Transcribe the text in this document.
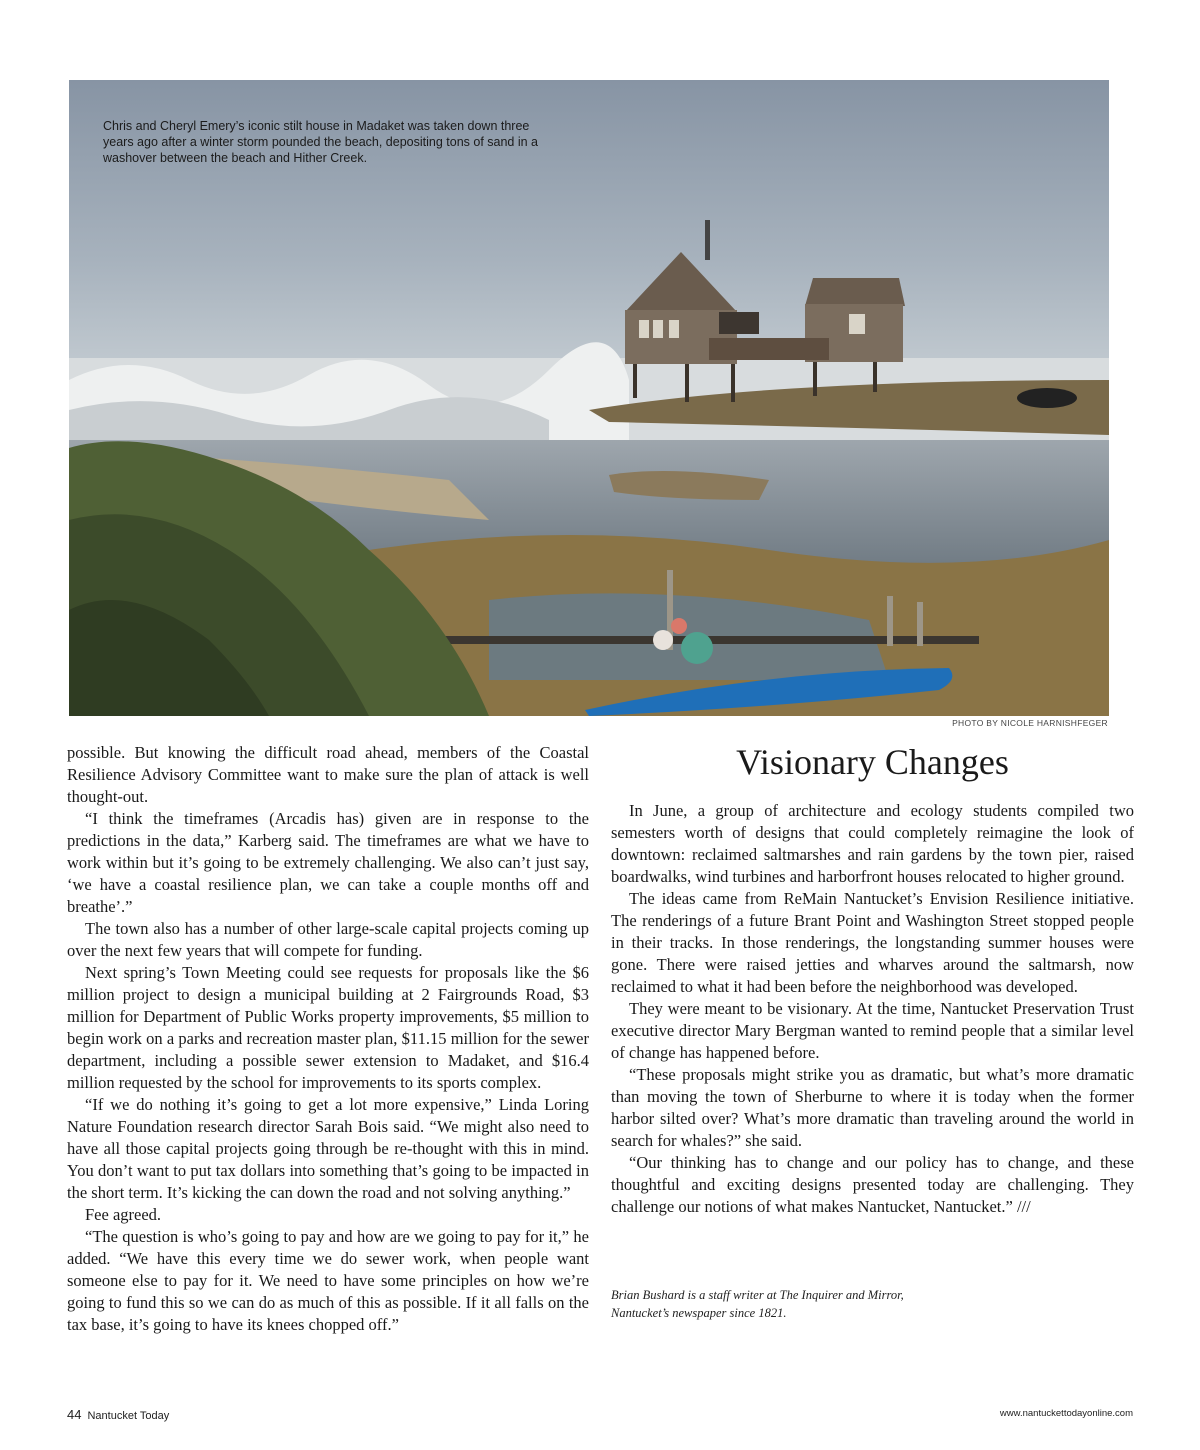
Chris and Cheryl Emery’s iconic stilt house in Madaket was taken down three years ago after a winter storm pounded the beach, depositing tons of sand in a washover between the beach and Hither Creek.
PHOTO BY NICOLE HARNISHFEGER

possible. But knowing the difficult road ahead, members of the Coastal Resilience Advisory Committee want to make sure the plan of attack is well thought-out.

“I think the timeframes (Arcadis has) given are in response to the predictions in the data,” Karberg said. The timeframes are what we have to work within but it’s going to be extremely challenging. We also can’t just say, ‘we have a coastal resilience plan, we can take a couple months off and breathe’.”

The town also has a number of other large-scale capital projects coming up over the next few years that will compete for funding.

Next spring’s Town Meeting could see requests for proposals like the $6 million project to design a municipal building at 2 Fairgrounds Road, $3 million for Department of Public Works property improvements, $5 million to begin work on a parks and recreation master plan, $11.15 million for the sewer department, including a possible sewer extension to Madaket, and $16.4 million requested by the school for improvements to its sports complex.

“If we do nothing it’s going to get a lot more expensive,” Linda Loring Nature Foundation research director Sarah Bois said. “We might also need to have all those capital projects going through be re-thought with this in mind. You don’t want to put tax dollars into something that’s going to be impacted in the short term. It’s kicking the can down the road and not solving anything.”

Fee agreed.

“The question is who’s going to pay and how are we going to pay for it,” he added. “We have this every time we do sewer work, when people want someone else to pay for it. We need to have some principles on how we’re going to fund this so we can do as much of this as possible. If it all falls on the tax base, it’s going to have its knees chopped off.”

Visionary Changes

In June, a group of architecture and ecology students compiled two semesters worth of designs that could completely reimagine the look of downtown: reclaimed saltmarshes and rain gardens by the town pier, raised boardwalks, wind turbines and harborfront houses relocated to higher ground.

The ideas came from ReMain Nantucket’s Envision Resilience initiative. The renderings of a future Brant Point and Washington Street stopped people in their tracks. In those renderings, the longstanding summer houses were gone. There were raised jetties and wharves around the saltmarsh, now reclaimed to what it had been before the neighborhood was developed.

They were meant to be visionary. At the time, Nantucket Preservation Trust executive director Mary Bergman wanted to remind people that a similar level of change has happened before.

“These proposals might strike you as dramatic, but what’s more dramatic than moving the town of Sherburne to where it is today when the former harbor silted over? What’s more dramatic than traveling around the world in search for whales?” she said.

“Our thinking has to change and our policy has to change, and these thoughtful and exciting designs presented today are challenging. They challenge our notions of what makes Nantucket, Nantucket.” ///

Brian Bushard is a staff writer at The Inquirer and Mirror,
Nantucket’s newspaper since 1821.
44 Nantucket Today	www.nantuckettodayonline.com
